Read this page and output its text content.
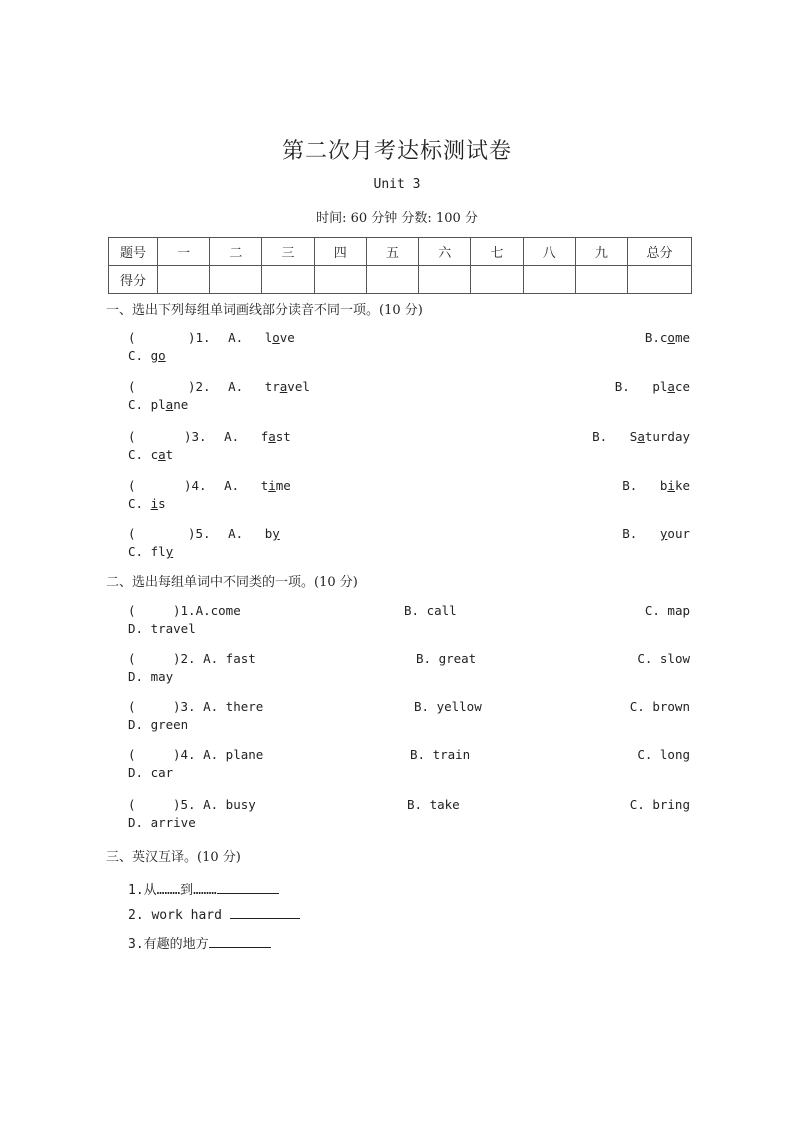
第二次月考达标测试卷
Unit 3
时间: 60 分钟 分数: 100 分
题号	一	二	三	四	五	六	七	八	九	总分
得分										
一、选出下列每组单词画线部分读音不同一项。(10 分)
(	)1. A. love	B.come
C. go
(	)2. A. travel	B. place
C. plane
(	)3. A. fast	B. Saturday
C. cat
(	)4. A. time	B. bike
C. is
(	)5. A. by	B. your
C. fly
二、选出每组单词中不同类的一项。(10 分)
(	)1.A.come	B. call	C. map
D. travel
(	)2. A. fast	B. great	C. slow
D. may
(	)3. A. there	B. yellow	C. brown
D. green
(	)4. A. plane	B. train	C. long
D. car
(	)5. A. busy	B. take	C. bring
D. arrive
三、英汉互译。(10 分)
1.从………到………
2. work hard
3.有趣的地方
